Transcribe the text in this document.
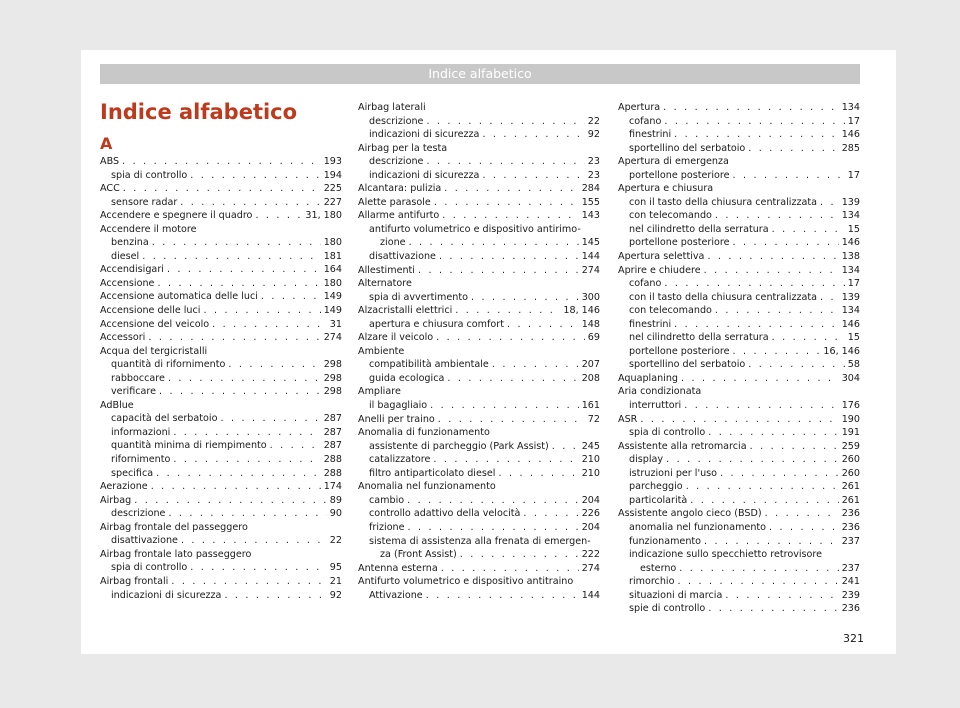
Indice alfabetico
Indice alfabetico
A
ABS . . .	193
spia di controllo . . .	194
ACC . . .	225
sensore radar . . .	227
Accendere e spegnere il quadro . . .	31, 180
Accendere il motore
benzina . . .	180
diesel . . .	181
Accendisigari . . .	164
Accensione . . .	180
Accensione automatica delle luci . . .	149
Accensione delle luci . . .	149
Accensione del veicolo . . .	31
Accessori . . .	274
Acqua del tergicristalli
quantità di rifornimento . . .	298
rabboccare . . .	298
verificare . . .	298
AdBlue
capacità del serbatoio . . .	287
informazioni . . .	287
quantità minima di riempimento . . .	287
rifornimento . . .	288
specifica . . .	288
Aerazione . . .	174
Airbag . . .	89
descrizione . . .	90
Airbag frontale del passeggero
disattivazione . . .	22
Airbag frontale lato passeggero
spia di controllo . . .	95
Airbag frontali . . .	21
indicazioni di sicurezza . . .	92
Airbag laterali
descrizione . . .	22
indicazioni di sicurezza . . .	92
Airbag per la testa
descrizione . . .	23
indicazioni di sicurezza . . .	23
Alcantara: pulizia . . .	284
Alette parasole . . .	155
Allarme antifurto . . .	143
antifurto volumetrico e dispositivo antirimo-
zione . . .	145
disattivazione . . .	144
Allestimenti . . .	274
Alternatore
spia di avvertimento . . .	300
Alzacristalli elettrici . . .	18, 146
apertura e chiusura comfort . . .	148
Alzare il veicolo . . .	69
Ambiente
compatibilità ambientale . . .	207
guida ecologica . . .	208
Ampliare
il bagagliaio . . .	161
Anelli per traino . . .	72
Anomalia di funzionamento
assistente di parcheggio (Park Assist) . . .	245
catalizzatore . . .	210
filtro antiparticolato diesel . . .	210
Anomalia nel funzionamento
cambio . . .	204
controllo adattivo della velocità . . .	226
frizione . . .	204
sistema di assistenza alla frenata di emergen-
za (Front Assist) . . .	222
Antenna esterna . . .	274
Antifurto volumetrico e dispositivo antitraino
Attivazione . . .	144
Apertura . . .	134
cofano . . .	17
finestrini . . .	146
sportellino del serbatoio . . .	285
Apertura di emergenza
portellone posteriore . . .	17
Apertura e chiusura
con il tasto della chiusura centralizzata . . .	139
con telecomando . . .	134
nel cilindretto della serratura . . .	15
portellone posteriore . . .	146
Apertura selettiva . . .	138
Aprire e chiudere . . .	134
cofano . . .	17
con il tasto della chiusura centralizzata . . .	139
con telecomando . . .	134
finestrini . . .	146
nel cilindretto della serratura . . .	15
portellone posteriore . . .	16, 146
sportellino del serbatoio . . .	58
Aquaplaning . . .	304
Aria condizionata
interruttori . . .	176
ASR . . .	190
spia di controllo . . .	191
Assistente alla retromarcia . . .	259
display . . .	260
istruzioni per l'uso . . .	260
parcheggio . . .	261
particolarità . . .	261
Assistente angolo cieco (BSD) . . .	236
anomalia nel funzionamento . . .	236
funzionamento . . .	237
indicazione sullo specchietto retrovisore
esterno . . .	237
rimorchio . . .	241
situazioni di marcia . . .	239
spie di controllo . . .	236
321
